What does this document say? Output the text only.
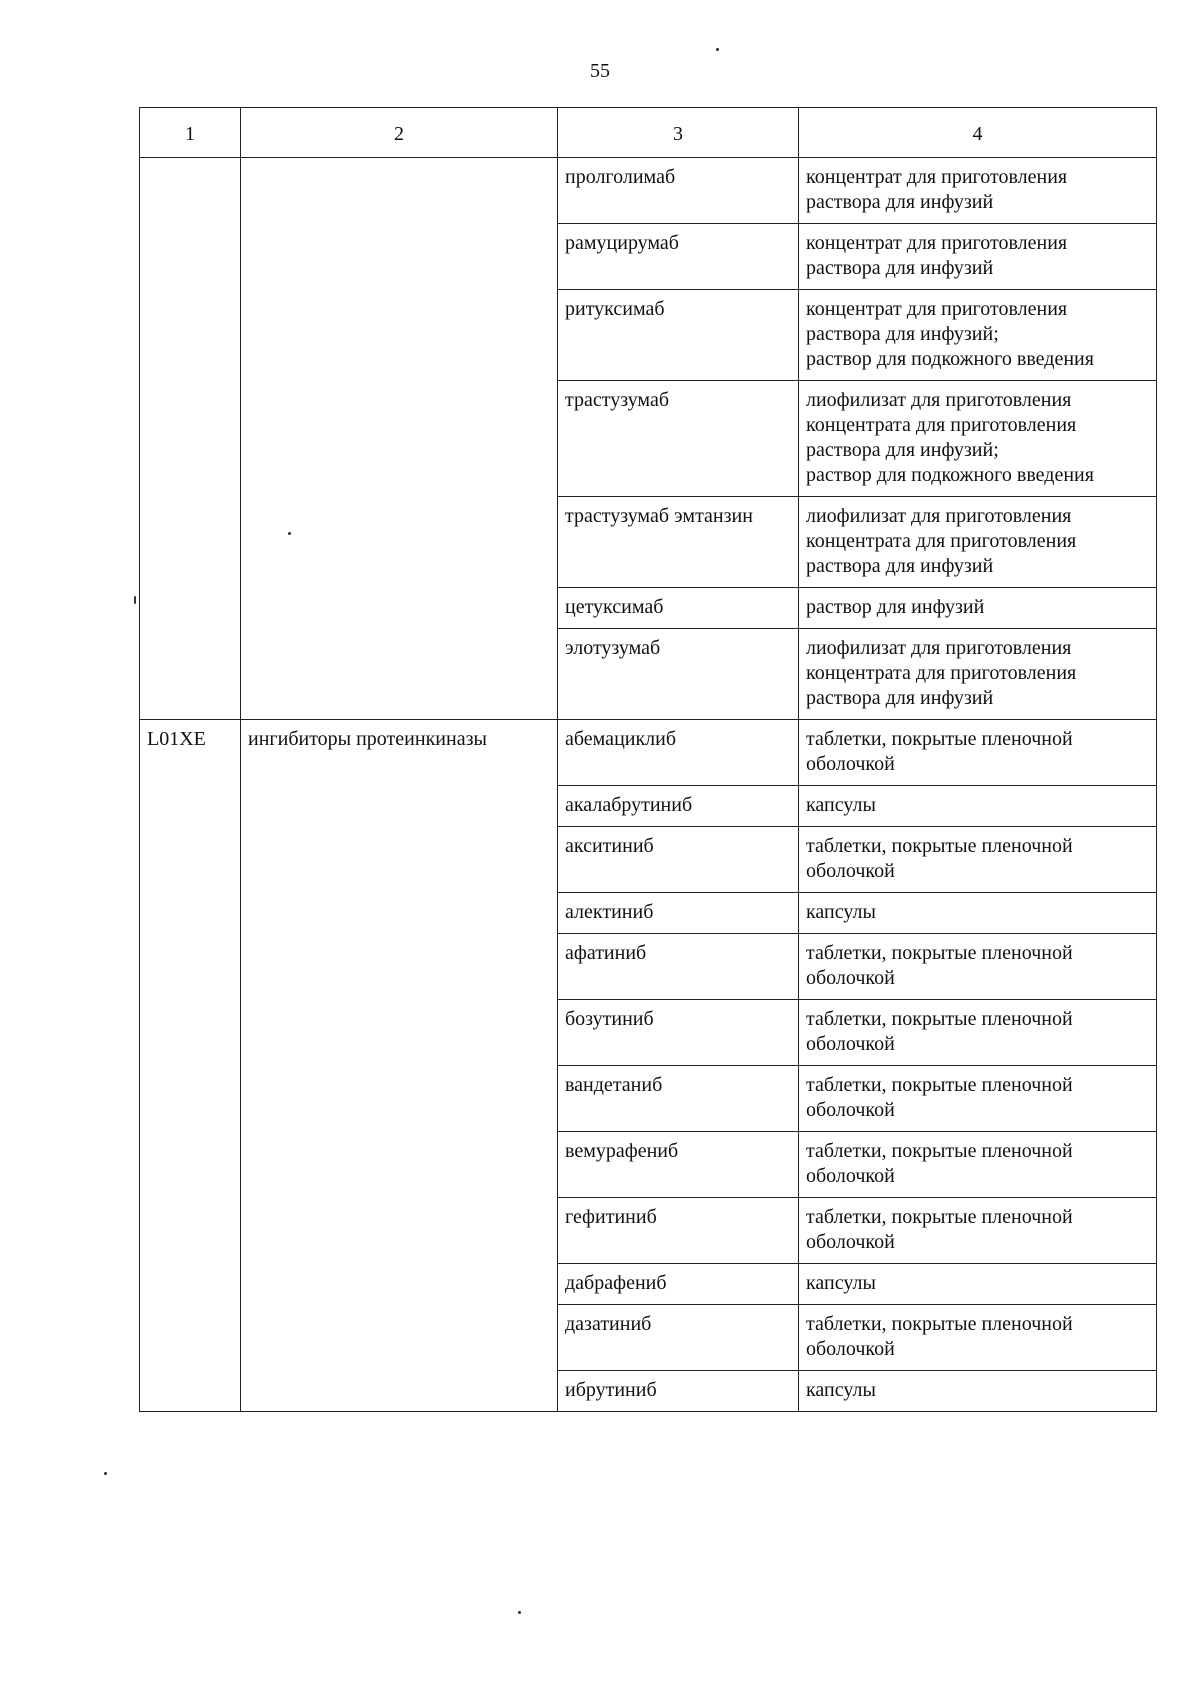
55
1	2	3	4
		пролголимаб	концентрат для приготовления
раствора для инфузий

		рамуцирумаб	концентрат для приготовления
раствора для инфузий

		ритуксимаб	концентрат для приготовления
раствора для инфузий;
раствор для подкожного введения

		трастузумаб	лиофилизат для приготовления
концентрата для приготовления
раствора для инфузий;
раствор для подкожного введения

		трастузумаб эмтанзин	лиофилизат для приготовления
концентрата для приготовления
раствора для инфузий

		цетуксимаб	раствор для инфузий

		элотузумаб	лиофилизат для приготовления
концентрата для приготовления
раствора для инфузий

L01XE	ингибиторы протеинкиназы	абемациклиб	таблетки, покрытые пленочной
оболочкой

		акалабрутиниб	капсулы

		акситиниб	таблетки, покрытые пленочной
оболочкой

		алектиниб	капсулы

		афатиниб	таблетки, покрытые пленочной
оболочкой

		бозутиниб	таблетки, покрытые пленочной
оболочкой

		вандетаниб	таблетки, покрытые пленочной
оболочкой

		вемурафениб	таблетки, покрытые пленочной
оболочкой

		гефитиниб	таблетки, покрытые пленочной
оболочкой

		дабрафениб	капсулы

		дазатиниб	таблетки, покрытые пленочной
оболочкой

		ибрутиниб	капсулы
